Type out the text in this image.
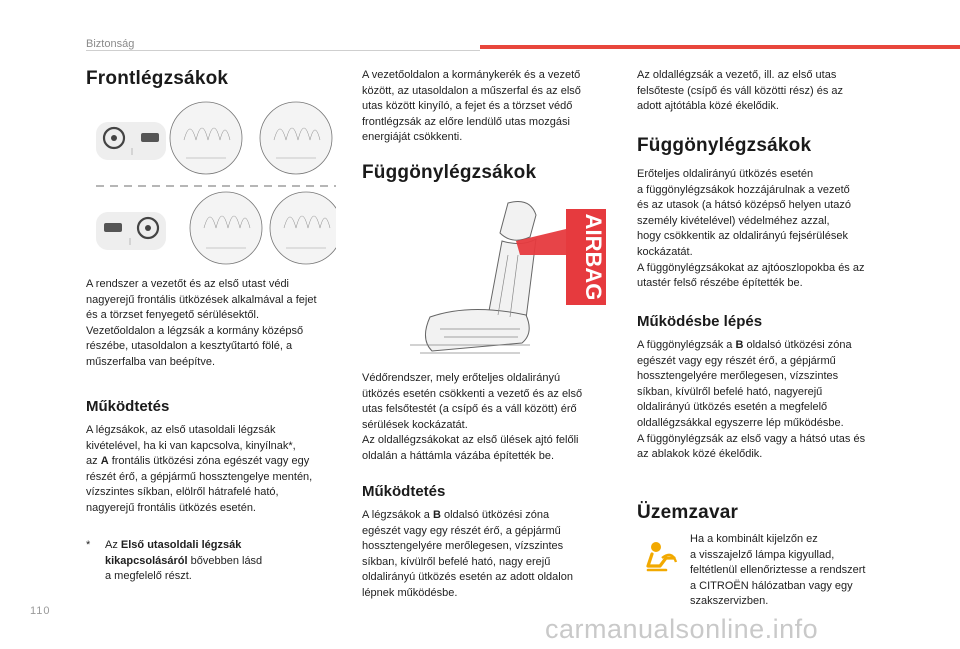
Biztonság
Frontlégzsákok

A rendszer a vezetőt és az első utast védi

nagyerejű frontális ütközések alkalmával a fejet

és a törzset fenyegető sérülésektől.

Vezetőoldalon a légzsák a kormány középső

részébe, utasoldalon a kesztyűtartó fölé, a

műszerfalba van beépítve.

Működtetés

A légzsákok, az első utasoldali légzsák

kivételével, ha ki van kapcsolva, kinyílnak*,

az A frontális ütközési zóna egészét vagy egy

részét érő, a gépjármű hossztengelye mentén,

vízszintes síkban, elölről hátrafelé ható,

nagyerejű frontális ütközés esetén.

* Az Első utasoldali légzsák kikapcsolásáról bővebben lásd
a megfelelő részt.

A vezetőoldalon a kormánykerék és a vezető

között, az utasoldalon a műszerfal és az első

utas között kinyíló, a fejet és a törzset védő

frontlégzsák az előre lendülő utas mozgási

energiáját csökkenti.

Függönylégzsákok
AIRBAG

Védőrendszer, mely erőteljes oldalirányú

ütközés esetén csökkenti a vezető és az első

utas felsőtestét (a csípő és a váll között) érő

sérülések kockázatát.

Az oldallégzsákokat az első ülések ajtó felőli

oldalán a háttámla vázába építették be.

Működtetés

A légzsákok a B oldalsó ütközési zóna

egészét vagy egy részét érő, a gépjármű

hossztengelyére merőlegesen, vízszintes

síkban, kívülről befelé ható, nagy erejű

oldalirányú ütközés esetén az adott oldalon

lépnek működésbe.

Az oldallégzsák a vezető, ill. az első utas

felsőteste (csípő és váll közötti rész) és az

adott ajtótábla közé ékelődik.

Függönylégzsákok

Erőteljes oldalirányú ütközés esetén

a függönylégzsákok hozzájárulnak a vezető

és az utasok (a hátsó középső helyen utazó

személy kivételével) védelméhez azzal,

hogy csökkentik az oldalirányú fejsérülések

kockázatát.

A függönylégzsákokat az ajtóoszlopokba és az

utastér felső részébe építették be.

Működésbe lépés

A függönylégzsák a B oldalsó ütközési zóna

egészét vagy egy részét érő, a gépjármű

hossztengelyére merőlegesen, vízszintes

síkban, kívülről befelé ható, nagyerejű

oldalirányú ütközés esetén a megfelelő

oldallégzsákkal egyszerre lép működésbe.

A függönylégzsák az első vagy a hátsó utas és

az ablakok közé ékelődik.

Üzemzavar

Ha a kombinált kijelzőn ez

a visszajelző lámpa kigyullad,

feltétlenül ellenőriztesse a rendszert

a CITROËN hálózatban vagy egy

szakszervizben.

110
carmanualsonline.info
